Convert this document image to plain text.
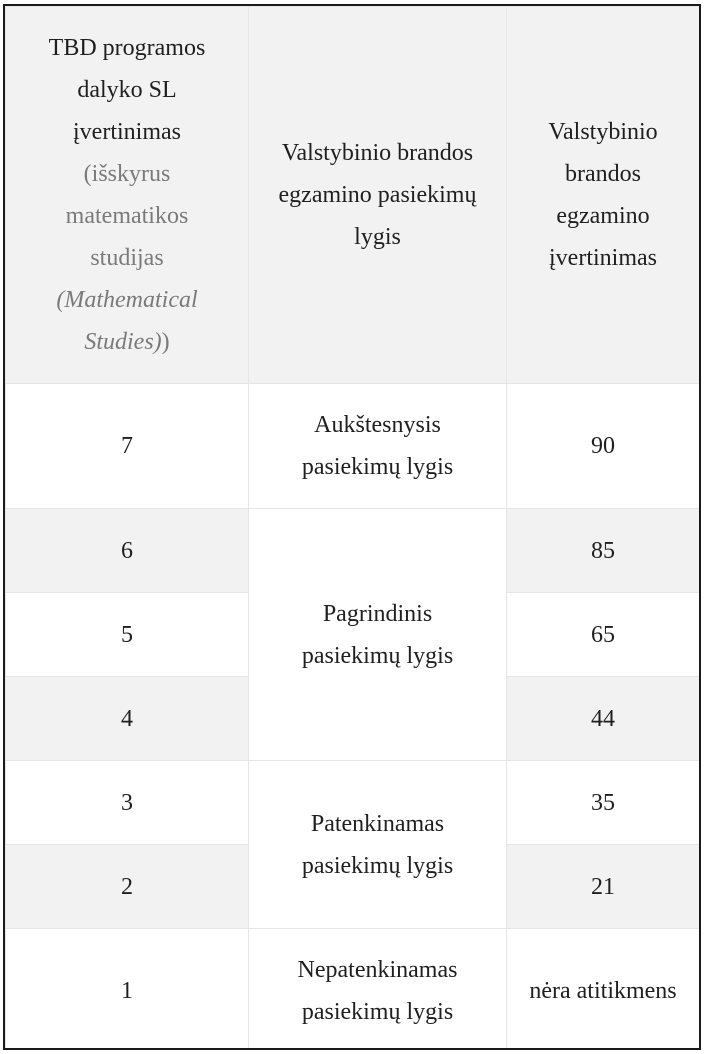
TBD programos dalyko SL įvertinimas
(išskyrus matematikos studijas (Mathematical Studies))	Valstybinio brandos egzamino pasiekimų lygis	Valstybinio brandos egzamino įvertinimas
7	Aukštesnysis pasiekimų lygis	90
6	Pagrindinis pasiekimų lygis	85
5		65
4		44
3	Patenkinamas pasiekimų lygis	35
2		21
1	Nepatenkinamas pasiekimų lygis	nėra atitikmens
